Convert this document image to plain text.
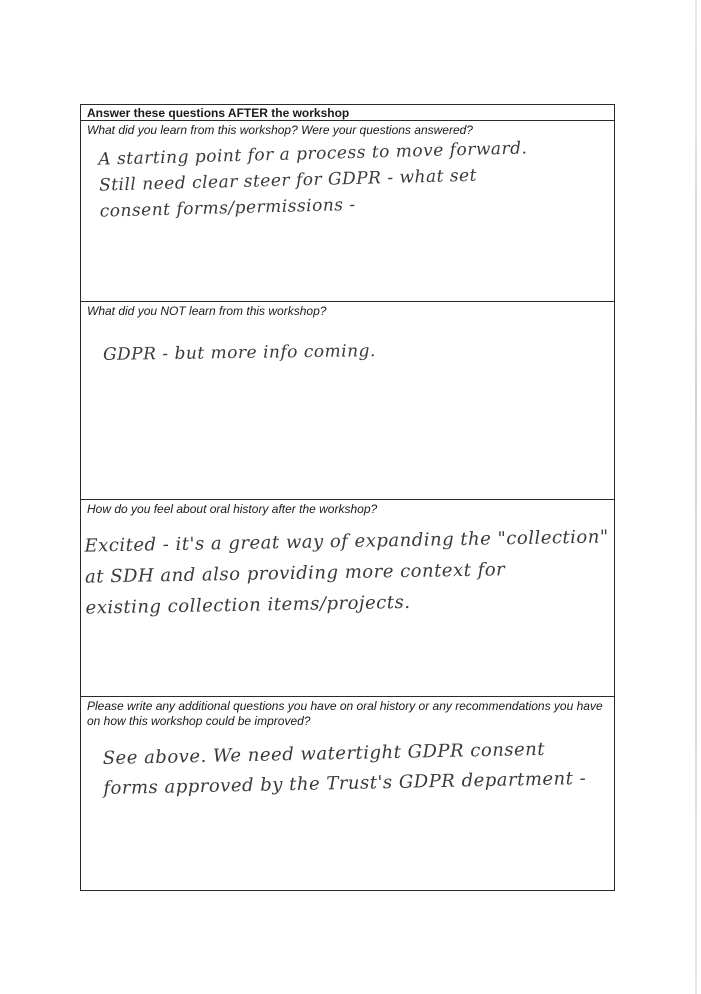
Answer these questions AFTER the workshop

What did you learn from this workshop? Were your questions answered?

A starting point for a process to move forward.
Still need clear steer for GDPR - what set
consent forms/permissions -

What did you NOT learn from this workshop?

GDPR - but more info coming.

How do you feel about oral history after the workshop?

Excited - it's a great way of expanding the "collection"
at SDH and also providing more context for
existing collection items/projects.

Please write any additional questions you have on oral history or any recommendations you have on how this workshop could be improved?

See above. We need watertight GDPR consent
forms approved by the Trust's GDPR department -
